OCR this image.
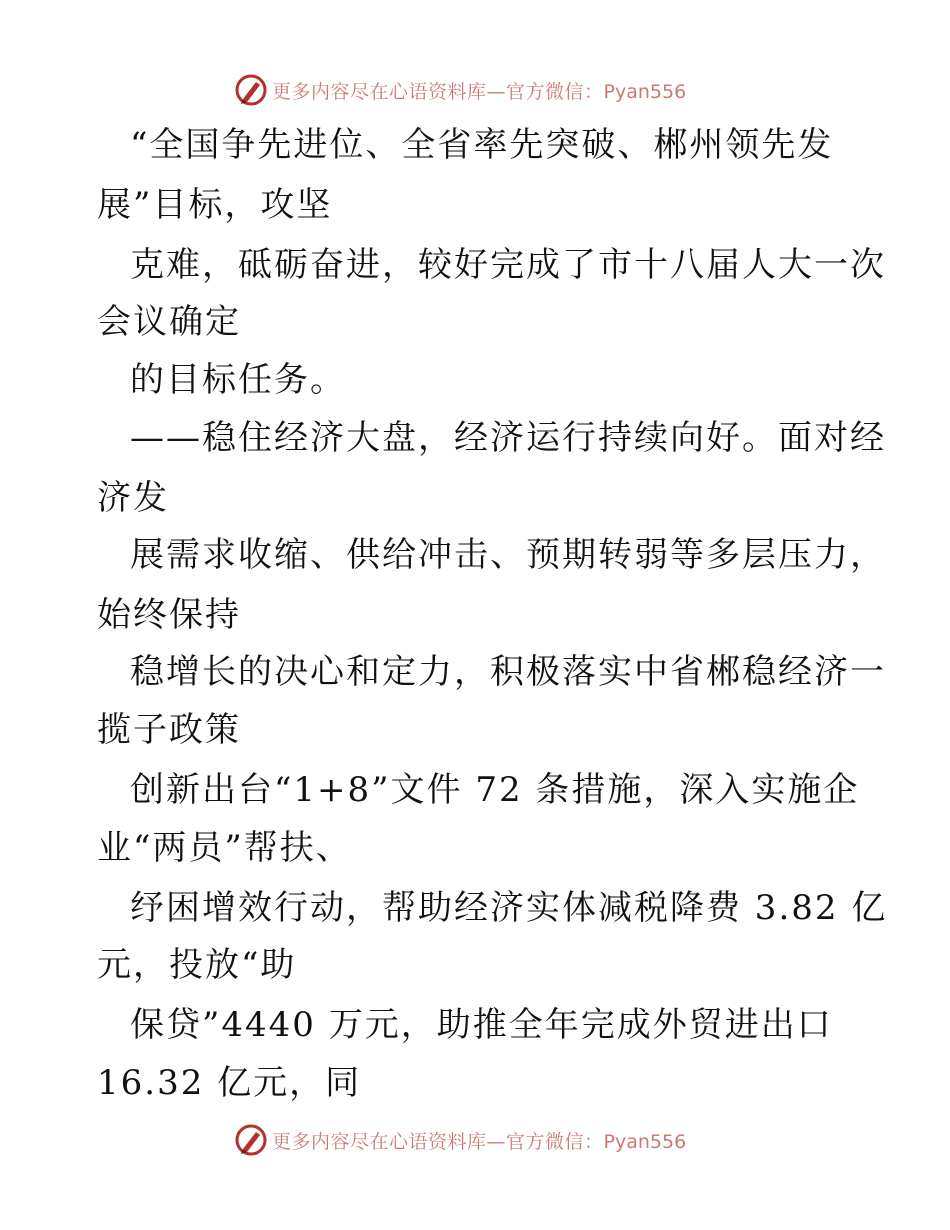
更多内容尽在心语资料库—官方微信：Pyan556
“全国争先进位、全省率先突破、郴州领先发
展”目标，攻坚
克难，砥砺奋进，较好完成了市十八届人大一次
会议确定
的目标任务。
——稳住经济大盘，经济运行持续向好。面对经
济发
展需求收缩、供给冲击、预期转弱等多层压力，
始终保持
稳增长的决心和定力，积极落实中省郴稳经济一
揽子政策
创新出台“1+8”文件 72 条措施，深入实施企
业“两员”帮扶、
纾困增效行动，帮助经济实体减税降费 3.82 亿
元，投放“助
保贷”4440 万元，助推全年完成外贸进出口
16.32 亿元，同
更多内容尽在心语资料库—官方微信：Pyan556
